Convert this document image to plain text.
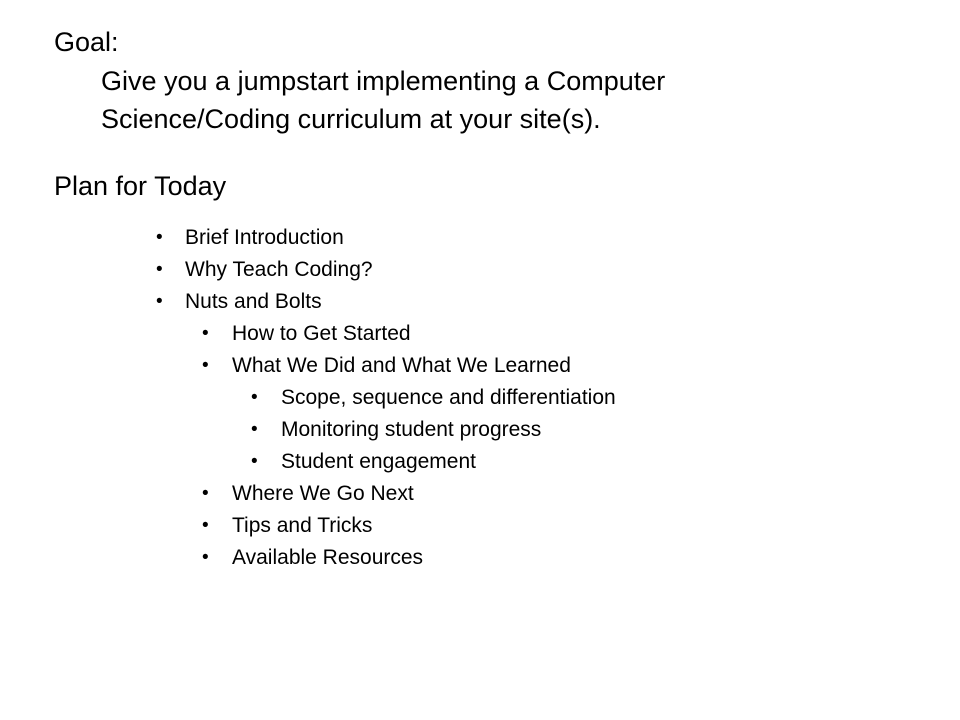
Goal:
Give you a jumpstart implementing a Computer
Science/Coding curriculum at your site(s).
Plan for Today
• Brief Introduction
• Why Teach Coding?
• Nuts and Bolts
• How to Get Started
• What We Did and What We Learned
• Scope, sequence and differentiation
• Monitoring student progress
• Student engagement
• Where We Go Next
• Tips and Tricks
• Available Resources
